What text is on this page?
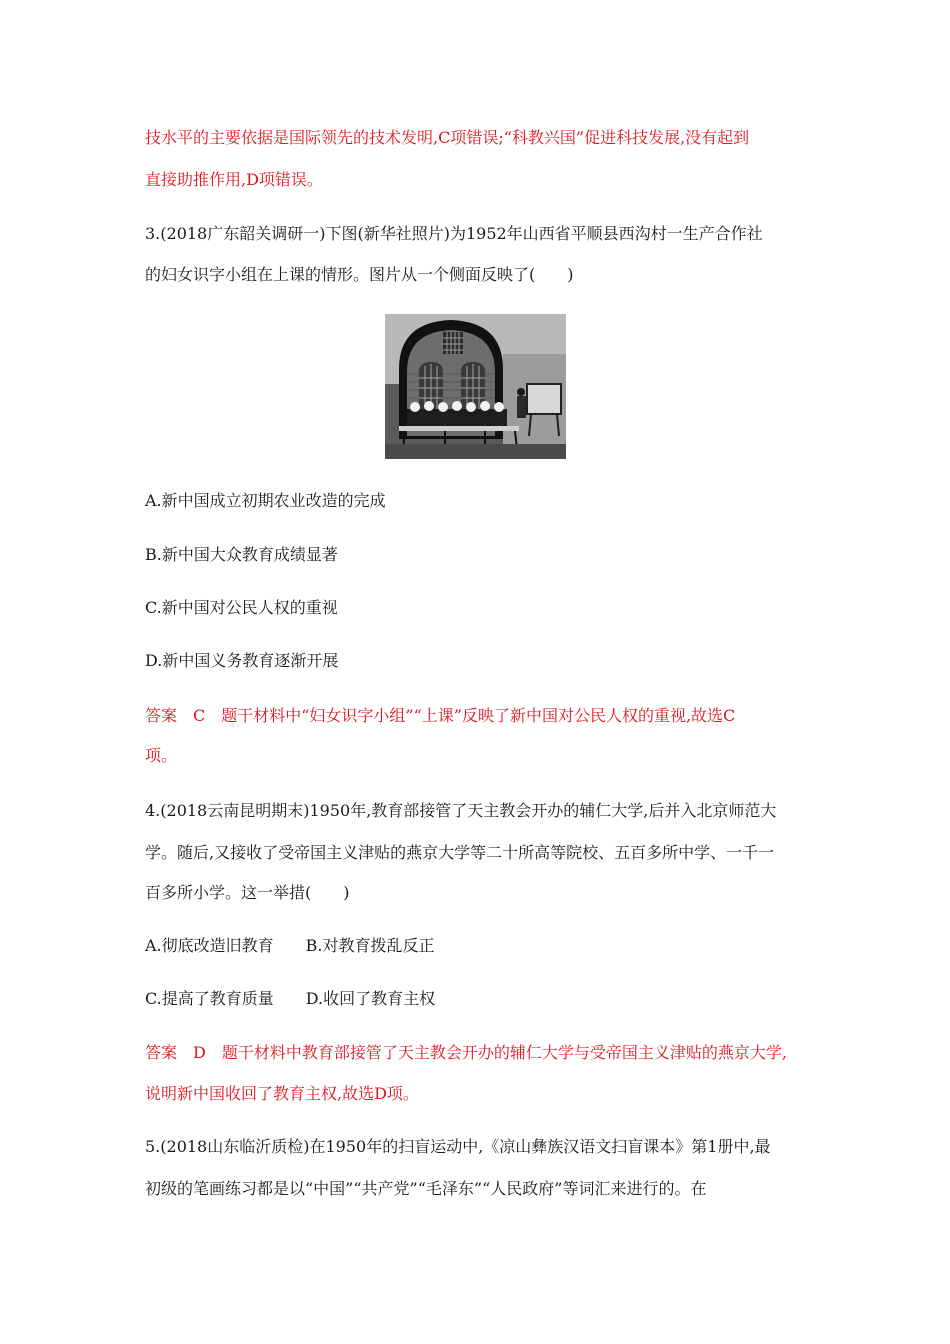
技水平的主要依据是国际领先的技术发明,C项错误;“科教兴国”促进科技发展,没有起到
直接助推作用,D项错误。
3.(2018广东韶关调研一)下图(新华社照片)为1952年山西省平顺县西沟村一生产合作社
的妇女识字小组在上课的情形。图片从一个侧面反映了(　　)
A.新中国成立初期农业改造的完成
B.新中国大众教育成绩显著
C.新中国对公民人权的重视
D.新中国义务教育逐渐开展
答案　C　题干材料中“妇女识字小组”“上课”反映了新中国对公民人权的重视,故选C
项。
4.(2018云南昆明期末)1950年,教育部接管了天主教会开办的辅仁大学,后并入北京师范大
学。随后,又接收了受帝国主义津贴的燕京大学等二十所高等院校、五百多所中学、一千一
百多所小学。这一举措(　　)
A.彻底改造旧教育　　B.对教育拨乱反正
C.提高了教育质量　　D.收回了教育主权
答案　D　题干材料中教育部接管了天主教会开办的辅仁大学与受帝国主义津贴的燕京大学,
说明新中国收回了教育主权,故选D项。
5.(2018山东临沂质检)在1950年的扫盲运动中,《凉山彝族汉语文扫盲课本》第1册中,最
初级的笔画练习都是以“中国”“共产党”“毛泽东”“人民政府”等词汇来进行的。在
